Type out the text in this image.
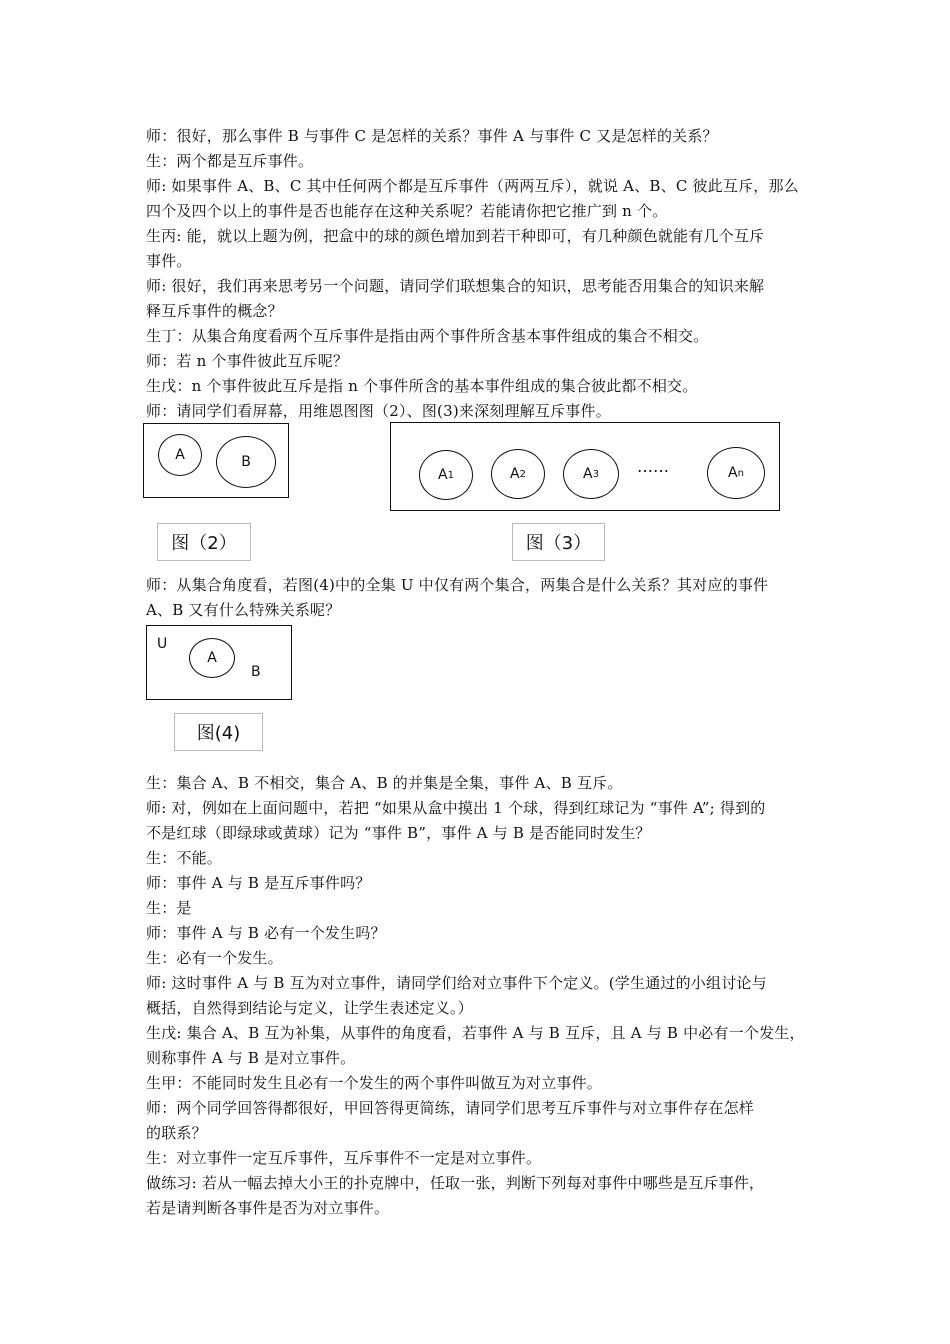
师：很好，那么事件 B 与事件 C 是怎样的关系？事件 A 与事件 C 又是怎样的关系？
生：两个都是互斥事件。
师: 如果事件 A、B、C 其中任何两个都是互斥事件（两两互斥），就说 A、B、C 彼此互斥，那么
四个及四个以上的事件是否也能存在这种关系呢？若能请你把它推广到 n 个。
生丙: 能，就以上题为例，把盒中的球的颜色增加到若干种即可，有几种颜色就能有几个互斥
事件。
师: 很好，我们再来思考另一个问题，请同学们联想集合的知识，思考能否用集合的知识来解
释互斥事件的概念？
生丁：从集合角度看两个互斥事件是指由两个事件所含基本事件组成的集合不相交。
师：若 n 个事件彼此互斥呢？
生戊：n 个事件彼此互斥是指 n 个事件所含的基本事件组成的集合彼此都不相交。
师：请同学们看屏幕，用维恩图图（2）、图(3)来深刻理解互斥事件。
A	B
图（2）
A 1	A 2	A 3 ……	A n
图（3）
师：从集合角度看，若图(4)中的全集 U 中仅有两个集合，两集合是什么关系？其对应的事件
A、B 又有什么特殊关系呢？
U
A
B
图(4)
生：集合 A、B 不相交，集合 A、B 的并集是全集，事件 A、B 互斥。
师: 对，例如在上面问题中，若把 “如果从盒中摸出 1 个球，得到红球记为 “事件 A”; 得到的
不是红球（即绿球或黄球）记为 “事件 B”，事件 A 与 B 是否能同时发生？
生：不能。
师：事件 A 与 B 是互斥事件吗？
生：是
师：事件 A 与 B 必有一个发生吗？
生：必有一个发生。
师: 这时事件 A 与 B 互为对立事件，请同学们给对立事件下个定义。(学生通过的小组讨论与
概括，自然得到结论与定义，让学生表述定义。）
生戊: 集合 A、B 互为补集，从事件的角度看，若事件 A 与 B 互斥，且 A 与 B 中必有一个发生，
则称事件 A 与 B 是对立事件。
生甲：不能同时发生且必有一个发生的两个事件叫做互为对立事件。
师：两个同学回答得都很好，甲回答得更简练，请同学们思考互斥事件与对立事件存在怎样
的联系？
生：对立事件一定互斥事件，互斥事件不一定是对立事件。
做练习: 若从一幅去掉大小王的扑克牌中，任取一张，判断下列每对事件中哪些是互斥事件，
若是请判断各事件是否为对立事件。
